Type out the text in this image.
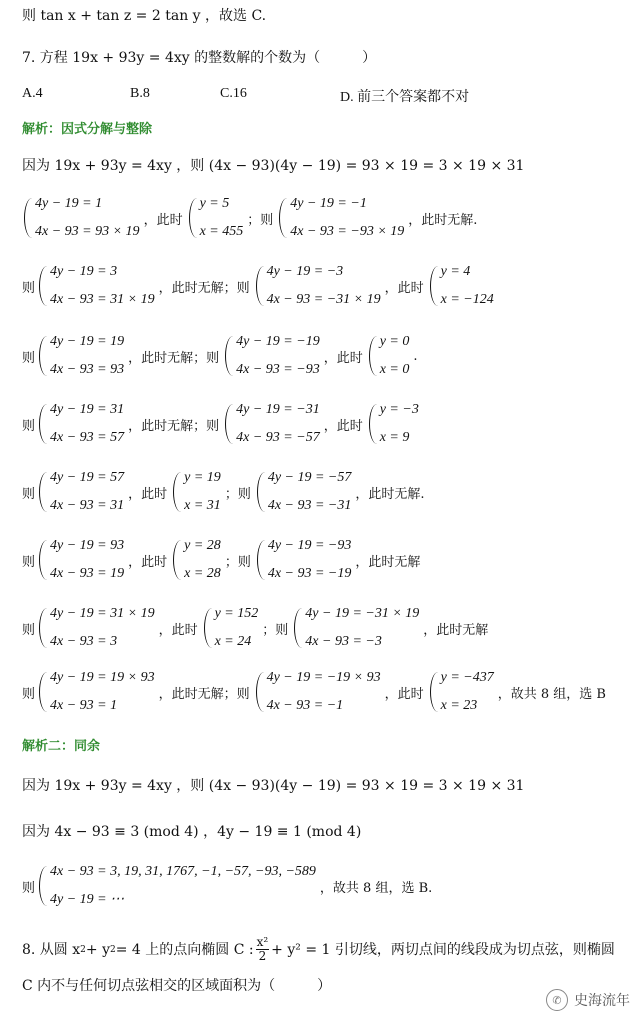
则 tan x + tan z = 2 tan y ，故选 C.
7. 方程 19x + 93y = 4xy 的整数解的个数为（　　　）
A.4	B.8	C.16	D. 前三个答案都不对
解析：因式分解与整除
因为 19x + 93y = 4xy ，则 (4x − 93)(4y − 19) = 93 × 19 = 3 × 19 × 31
4y − 19 = 1
4x − 93 = 93 × 19
，此时
y = 5
x = 455
；则
4y − 19 = −1
4x − 93 = −93 × 19
，此时无解.
则
4y − 19 = 3
4x − 93 = 31 × 19
，此时无解；则
4y − 19 = −3
4x − 93 = −31 × 19
，此时
y = 4
x = −124
则
4y − 19 = 19
4x − 93 = 93
，此时无解；则
4y − 19 = −19
4x − 93 = −93
，此时
y = 0
x = 0
.
则
4y − 19 = 31
4x − 93 = 57
，此时无解；则
4y − 19 = −31
4x − 93 = −57
，此时
y = −3
x = 9
则
4y − 19 = 57
4x − 93 = 31
，此时
y = 19
x = 31
；则
4y − 19 = −57
4x − 93 = −31
，此时无解.
则
4y − 19 = 93
4x − 93 = 19
，此时
y = 28
x = 28
；则
4y − 19 = −93
4x − 93 = −19
，此时无解
则
4y − 19 = 31 × 19
4x − 93 = 3
，此时
y = 152
x = 24
；则
4y − 19 = −31 × 19
4x − 93 = −3
，此时无解
则
4y − 19 = 19 × 93
4x − 93 = 1
，此时无解；则
4y − 19 = −19 × 93
4x − 93 = −1
，此时
y = −437
x = 23
，故共 8 组，选 B
解析二：同余
因为 19x + 93y = 4xy ，则 (4x − 93)(4y − 19) = 93 × 19 = 3 × 19 × 31
因为 4x − 93 ≡ 3 (mod 4) ，4y − 19 ≡ 1 (mod 4)
则
4x − 93 = 3, 19, 31, 1767, −1, −57, −93, −589
4y − 19 = ⋯
，故共 8 组，选 B.
8. 从圆 x 2 + y 2 = 4 上的点向椭圆 C : $\frac{\text{x²}}{2} + y^2 = 1$ 引切线，两切点间的线段成为切点弦，则椭圆
C 内不与任何切点弦相交的区域面积为（　　　）
✆ 史海流年
